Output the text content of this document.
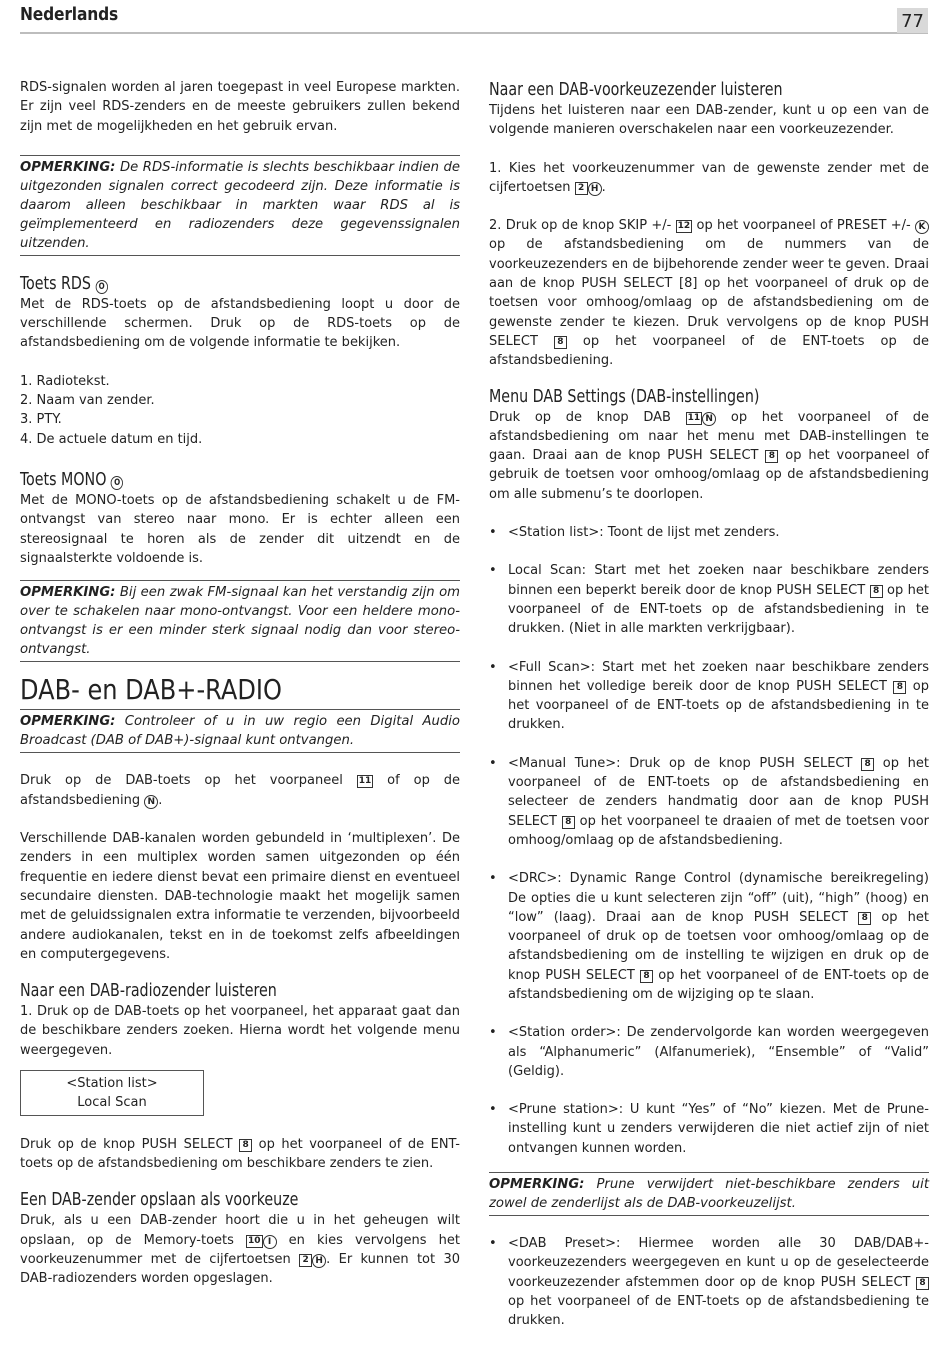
Nederlands	77

RDS-signalen worden al jaren toegepast in veel Europese markten. Er zijn veel RDS-zenders en de meeste gebruikers zullen bekend zijn met de mogelijkheden en het gebruik ervan.

OPMERKING: De RDS-informatie is slechts beschikbaar indien de uitgezonden signalen correct gecodeerd zijn. Deze informatie is daarom alleen beschikbaar in markten waar RDS al is geïmplementeerd en radiozenders deze gegevenssignalen uitzenden.
Toets RDS O

Met de RDS-toets op de afstandsbediening loopt u door de verschillende schermen. Druk op de RDS-toets op de afstandsbediening om de volgende informatie te bekijken.

1. Radiotekst.
2. Naam van zender.
3. PTY.
4. De actuele datum en tijd.
Toets MONO O

Met de MONO-toets op de afstandsbediening schakelt u de FM-ontvangst van stereo naar mono. Er is echter alleen een stereosignaal te horen als de zender dit uitzendt en de signaalsterkte voldoende is.

OPMERKING: Bij een zwak FM-signaal kan het verstandig zijn om over te schakelen naar mono-ontvangst. Voor een heldere mono-ontvangst is er een minder sterk signaal nodig dan voor stereo-ontvangst.
DAB- en DAB+-RADIO
OPMERKING: Controleer of u in uw regio een Digital Audio Broadcast (DAB of DAB+)-signaal kunt ontvangen.

Druk op de DAB-toets op het voorpaneel 11 of op de afstandsbediening N .

Verschillende DAB-kanalen worden gebundeld in ‘multiplexen’. De zenders in een multiplex worden samen uitgezonden op één frequentie en iedere dienst bevat een primaire dienst en eventueel secundaire diensten. DAB-technologie maakt het mogelijk samen met de geluidssignalen extra informatie te verzenden, bijvoorbeeld andere audiokanalen, tekst en in de toekomst zelfs afbeeldingen en computergegevens.

Naar een DAB-radiozender luisteren

1. Druk op de DAB-toets op het voorpaneel, het apparaat gaat dan de beschikbare zenders zoeken. Hierna wordt het volgende menu weergegeven.

<Station list>
Local Scan

Druk op de knop PUSH SELECT 8 op het voorpaneel of de ENT-toets op de afstandsbediening om beschikbare zenders te zien.

Een DAB-zender opslaan als voorkeuze

Druk, als u een DAB-zender hoort die u in het geheugen wilt opslaan, op de Memory-toets 10 I en kies vervolgens het voorkeuzenummer met de cijfertoetsen 2 H . Er kunnen tot 30 DAB-radiozenders worden opgeslagen.

Naar een DAB-voorkeuzezender luisteren

Tijdens het luisteren naar een DAB-zender, kunt u op een van de volgende manieren overschakelen naar een voorkeuzezender.

1. Kies het voorkeuzenummer van de gewenste zender met de cijfertoetsen 2 H .

2. Druk op de knop SKIP +/- 12 op het voorpaneel of PRESET +/- K op de afstandsbediening om de nummers van de voorkeuzezenders en de bijbehorende zender weer te geven. Draai aan de knop PUSH SELECT [8] op het voorpaneel of druk op de toetsen voor omhoog/omlaag op de afstandsbediening om de gewenste zender te kiezen. Druk vervolgens op de knop PUSH SELECT 8 op het voorpaneel of de ENT-toets op de afstandsbediening.

Menu DAB Settings (DAB-instellingen)

Druk op de knop DAB 11 N op het voorpaneel of de afstandsbediening om naar het menu met DAB-instellingen te gaan. Draai aan de knop PUSH SELECT 8 op het voorpaneel of gebruik de toetsen voor omhoog/omlaag op de afstandsbediening om alle submenu’s te doorlopen.

• <Station list>: Toont de lijst met zenders.
• Local Scan: Start met het zoeken naar beschikbare zenders binnen een beperkt bereik door de knop PUSH SELECT 8 op het voorpaneel of de ENT-toets op de afstandsbediening in te drukken. (Niet in alle markten verkrijgbaar).
• <Full Scan>: Start met het zoeken naar beschikbare zenders binnen het volledige bereik door de knop PUSH SELECT 8 op het voorpaneel of de ENT-toets op de afstandsbediening in te drukken.
• <Manual Tune>: Druk op de knop PUSH SELECT 8 op het voorpaneel of de ENT-toets op de afstandsbediening en selecteer de zenders handmatig door aan de knop PUSH SELECT 8 op het voorpaneel te draaien of met de toetsen voor omhoog/omlaag op de afstandsbediening.
• <DRC>: Dynamic Range Control (dynamische bereikregeling) De opties die u kunt selecteren zijn “off” (uit), “high” (hoog) en “low” (laag). Draai aan de knop PUSH SELECT 8 op het voorpaneel of druk op de toetsen voor omhoog/omlaag op de afstandsbediening om de instelling te wijzigen en druk op de knop PUSH SELECT 8 op het voorpaneel of de ENT-toets op de afstandsbediening om de wijziging op te slaan.
• <Station order>: De zendervolgorde kan worden weergegeven als “Alphanumeric” (Alfanumeriek), “Ensemble” of “Valid” (Geldig).
• <Prune station>: U kunt “Yes” of “No” kiezen. Met de Prune-instelling kunt u zenders verwijderen die niet actief zijn of niet ontvangen kunnen worden.
OPMERKING: Prune verwijdert niet-beschikbare zenders uit zowel de zenderlijst als de DAB-voorkeuzelijst.
• <DAB Preset>: Hiermee worden alle 30 DAB/DAB+-voorkeuzezenders weergegeven en kunt u op de geselecteerde voorkeuzezender afstemmen door op de knop PUSH SELECT 8 op het voorpaneel of de ENT-toets op de afstandsbediening te drukken.
